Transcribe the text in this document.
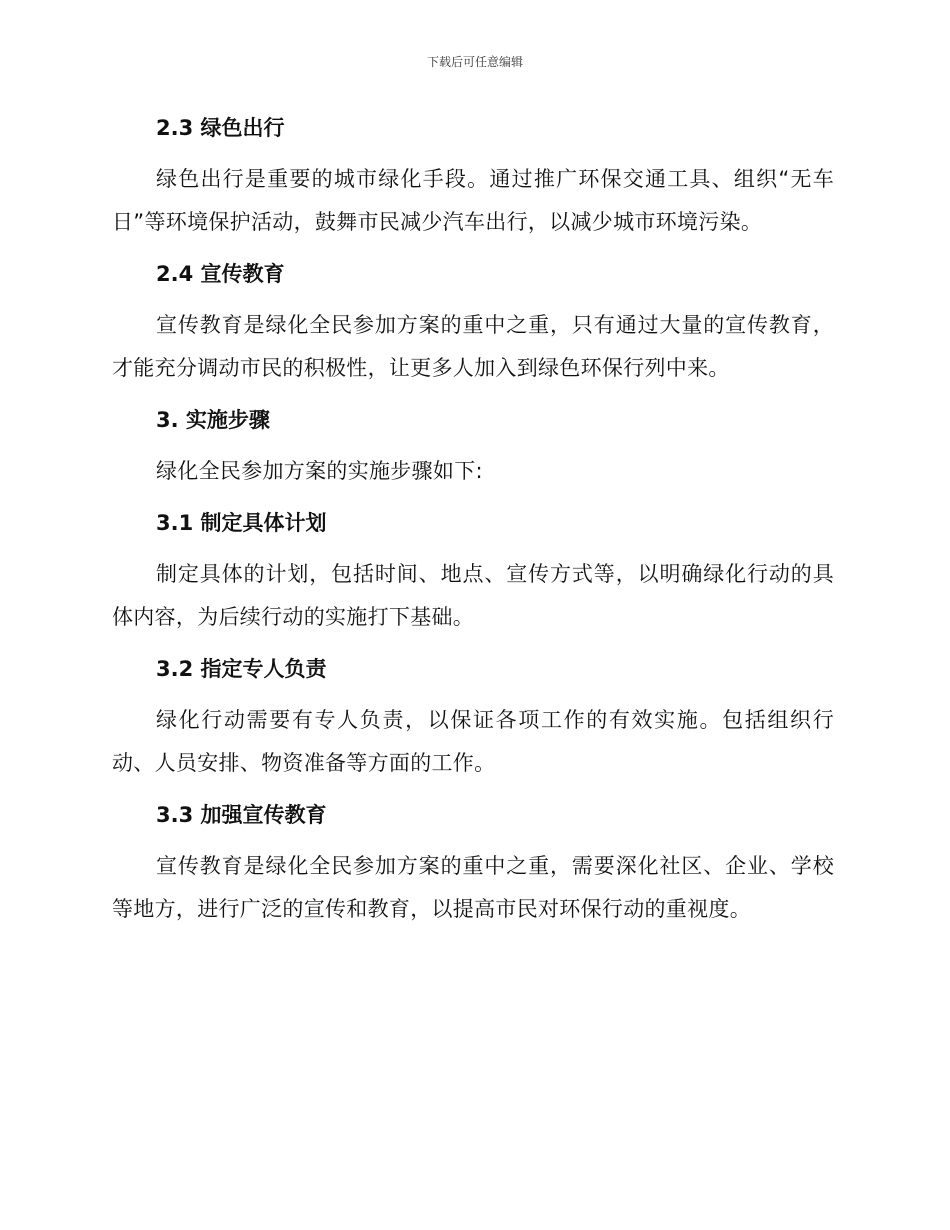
下载后可任意编辑
2.3 绿色出行

绿色出行是重要的城市绿化手段。通过推广环保交通工具、组织“无车日”等环境保护活动，鼓舞市民减少汽车出行，以减少城市环境污染。

2.4 宣传教育

宣传教育是绿化全民参加方案的重中之重，只有通过大量的宣传教育，才能充分调动市民的积极性，让更多人加入到绿色环保行列中来。

3. 实施步骤

绿化全民参加方案的实施步骤如下:

3.1 制定具体计划

制定具体的计划，包括时间、地点、宣传方式等，以明确绿化行动的具体内容，为后续行动的实施打下基础。

3.2 指定专人负责

绿化行动需要有专人负责，以保证各项工作的有效实施。包括组织行动、人员安排、物资准备等方面的工作。

3.3 加强宣传教育

宣传教育是绿化全民参加方案的重中之重，需要深化社区、企业、学校等地方，进行广泛的宣传和教育，以提高市民对环保行动的重视度。
